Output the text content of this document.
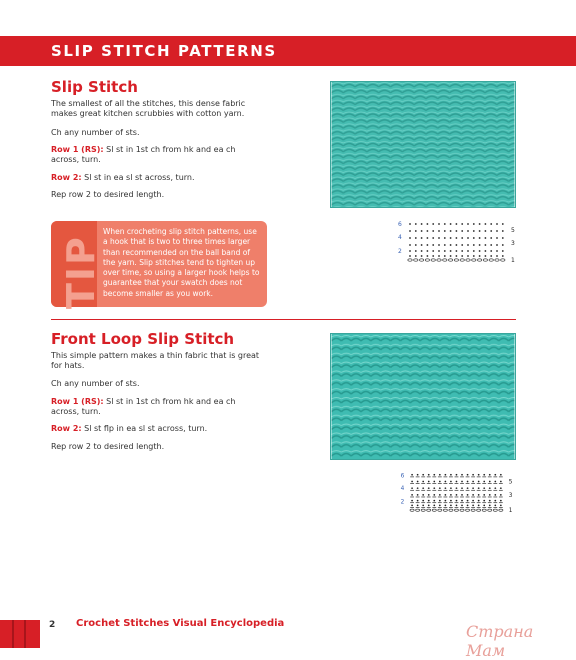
SLIP STITCH PATTERNS
Slip Stitch

The smallest of all the stitches, this dense fabric makes great kitchen scrubbies with cotton yarn.

Ch any number of sts.

Row 1 (RS): Sl st in 1st ch from hk and ea ch across, turn.

Row 2: Sl st in ea sl st across, turn.

Rep row 2 to desired length.

6
4
2
5
3
1
TIP

When crocheting slip stitch patterns, use a hook that is two to three times larger than recommended on the ball band of the yarn. Slip stitches tend to tighten up over time, so using a larger hook helps to guarantee that your swatch does not become smaller as you work.

Front Loop Slip Stitch

This simple pattern makes a thin fabric that is great for hats.

Ch any number of sts.

Row 1 (RS): Sl st in 1st ch from hk and ea ch across, turn.

Row 2: Sl st flp in ea sl st across, turn.

Rep row 2 to desired length.

6
4
2
5
3
1
2 Crochet Stitches Visual Encyclopedia	Страна Мам
